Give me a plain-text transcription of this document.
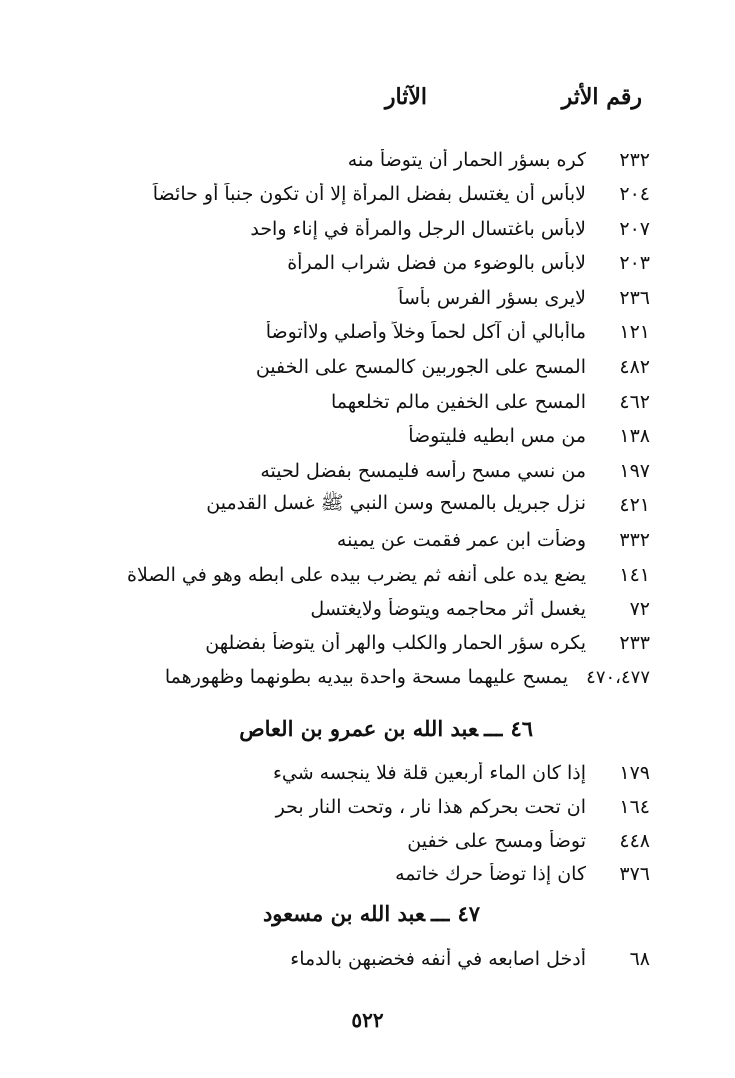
رقم الأثر
الآثار
٢٣٢
كره بسؤر الحمار أن يتوضأ منه
٢٠٤
لابأس أن يغتسل بفضل المرأة إلا أن تكون جنباً أو حائضاً
٢٠٧
لابأس باغتسال الرجل والمرأة في إناء واحد
٢٠٣
لابأس بالوضوء من فضل شراب المرأة
٢٣٦
لايرى بسؤر الفرس بأساً
١٢١
ماأبالي أن آكل لحماً وخلاً وأصلي ولاأتوضأ
٤٨٢
المسح على الجوربين كالمسح على الخفين
٤٦٢
المسح على الخفين مالم تخلعهما
١٣٨
من مس ابطيه فليتوضأ
١٩٧
من نسي مسح رأسه فليمسح بفضل لحيته
٤٢١
نزل جبريل بالمسح وسن النبي ﷺ غسل القدمين
٣٣٢
وضأت ابن عمر فقمت عن يمينه
١٤١
يضع يده على أنفه ثم يضرب بيده على ابطه وهو في الصلاة
٧٢
يغسل أثر محاجمه ويتوضأ ولايغتسل
٢٣٣
يكره سؤر الحمار والكلب والهر أن يتوضأ بفضلهن
٤٧٠،٤٧٧
يمسح عليهما مسحة واحدة بيديه بطونهما وظهورهما
٤٦ـــعبد الله بن عمرو بن العاص
١٧٩
إذا كان الماء أربعين قلة فلا ينجسه شيء
١٦٤
ان تحت بحركم هذا نار ، وتحت النار بحر
٤٤٨
توضأ ومسح على خفين
٣٧٦
كان إذا توضأ حرك خاتمه
٤٧ـــعبد الله بن مسعود
٦٨
أدخل اصابعه في أنفه فخضبهن بالدماء
٥٢٢
